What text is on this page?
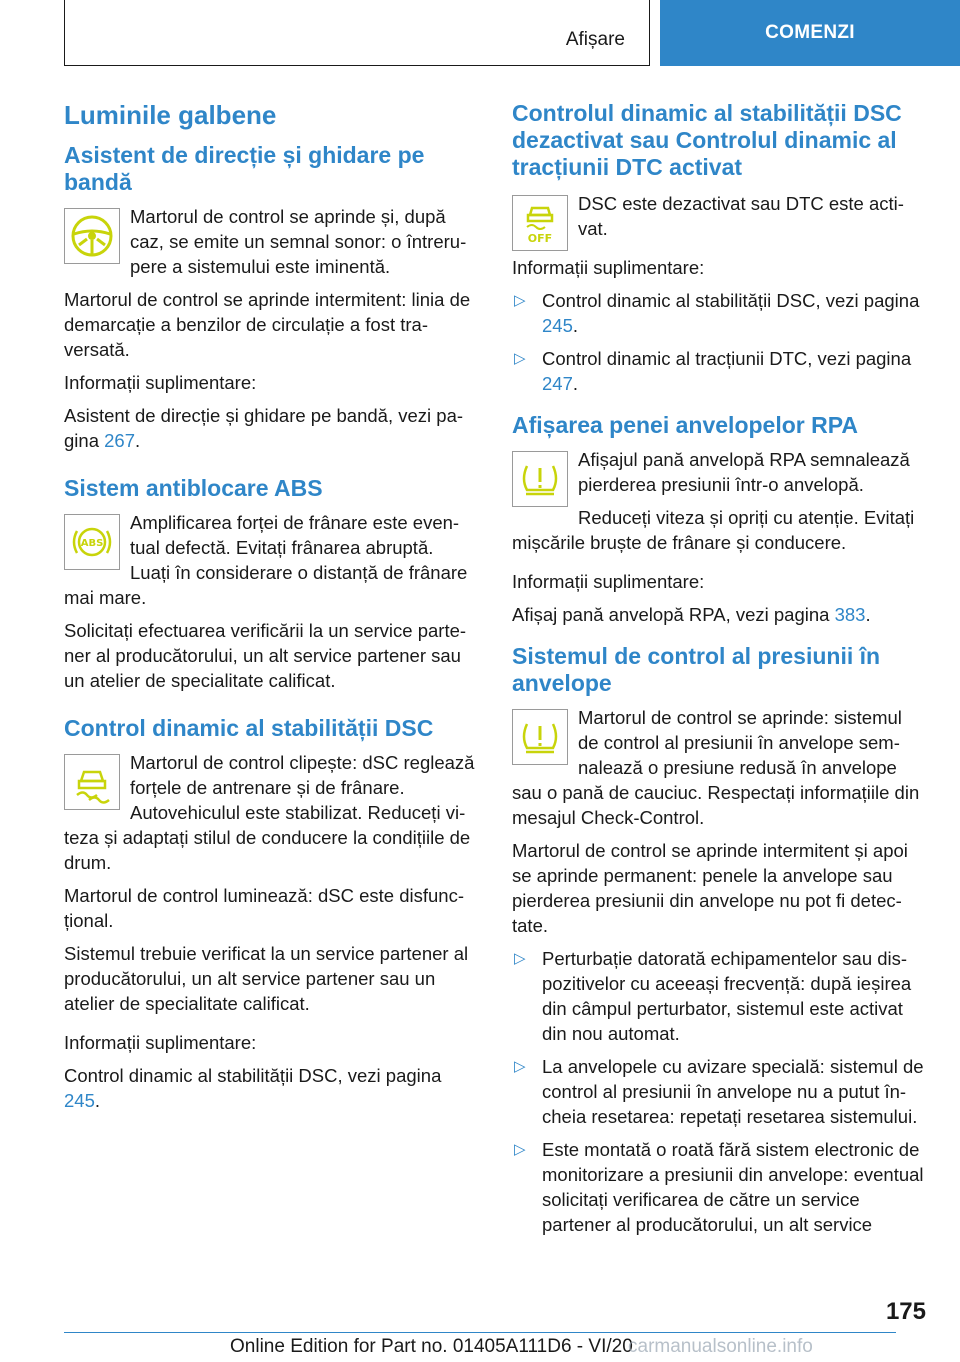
Afișare	COMENZI
Luminile galbene
Asistent de direcție și ghidare pe bandă

Martorul de control se aprinde și, după caz, se emite un semnal sonor: o întrerupere a sistemului este iminentă.

Martorul de control se aprinde intermitent: linia de demarcație a benzilor de circulație a fost traversată.

Informații suplimentare:

Asistent de direcție și ghidare pe bandă, vezi pagina 267.

Sistem antiblocare ABS
ABS

Amplificarea forței de frânare este eventual defectă. Evitați frânarea abruptă. Luați în considerare o distanță de frânare mai mare.

Solicitați efectuarea verificării la un service partener al producătorului, un alt service partener sau un atelier de specialitate calificat.

Control dinamic al stabilității DSC

Martorul de control clipește: dSC reglează forțele de antrenare și de frânare. Autovehiculul este stabilizat. Reduceți viteza și adaptați stilul de conducere la condițiile de drum.

Martorul de control luminează: dSC este disfuncțional.

Sistemul trebuie verificat la un service partener al producătorului, un alt service partener sau un atelier de specialitate calificat.

Informații suplimentare:

Control dinamic al stabilității DSC, vezi pagina 245.

Controlul dinamic al stabilității DSC dezactivat sau Controlul dinamic al tracțiunii DTC activat
OFF

DSC este dezactivat sau DTC este activat.

Informații suplimentare:

▷ Control dinamic al stabilității DSC, vezi pagina 245.
▷ Control dinamic al tracțiunii DTC, vezi pagina 247.
Afișarea penei anvelopelor RPA

Afișajul pană anvelopă RPA semnalează pierderea presiunii într-o anvelopă.

Reduceți viteza și opriți cu atenție. Evitați mișcările bruște de frânare și conducere.

Informații suplimentare:

Afișaj pană anvelopă RPA, vezi pagina 383.

Sistemul de control al presiunii în anvelope

Martorul de control se aprinde: sistemul de control al presiunii în anvelope semnalează o presiune redusă în anvelope sau o pană de cauciuc. Respectați informațiile din mesajul Check-Control.

Martorul de control se aprinde intermitent și apoi se aprinde permanent: penele la anvelope sau pierderea presiunii din anvelope nu pot fi detectate.

▷ Perturbație datorată echipamentelor sau dispozitivelor cu aceeași frecvență: după ieșirea din câmpul perturbator, sistemul este activat din nou automat.
▷ La anvelopele cu avizare specială: sistemul de control al presiunii în anvelope nu a putut încheia resetarea: repetați resetarea sistemului.
▷ Este montată o roată fără sistem electronic de monitorizare a presiunii din anvelope: eventual solicitați verificarea de către un service partener al producătorului, un alt service
175
Online Edition for Part no. 01405A111D6 - VI/20
carmanualsonline.info
